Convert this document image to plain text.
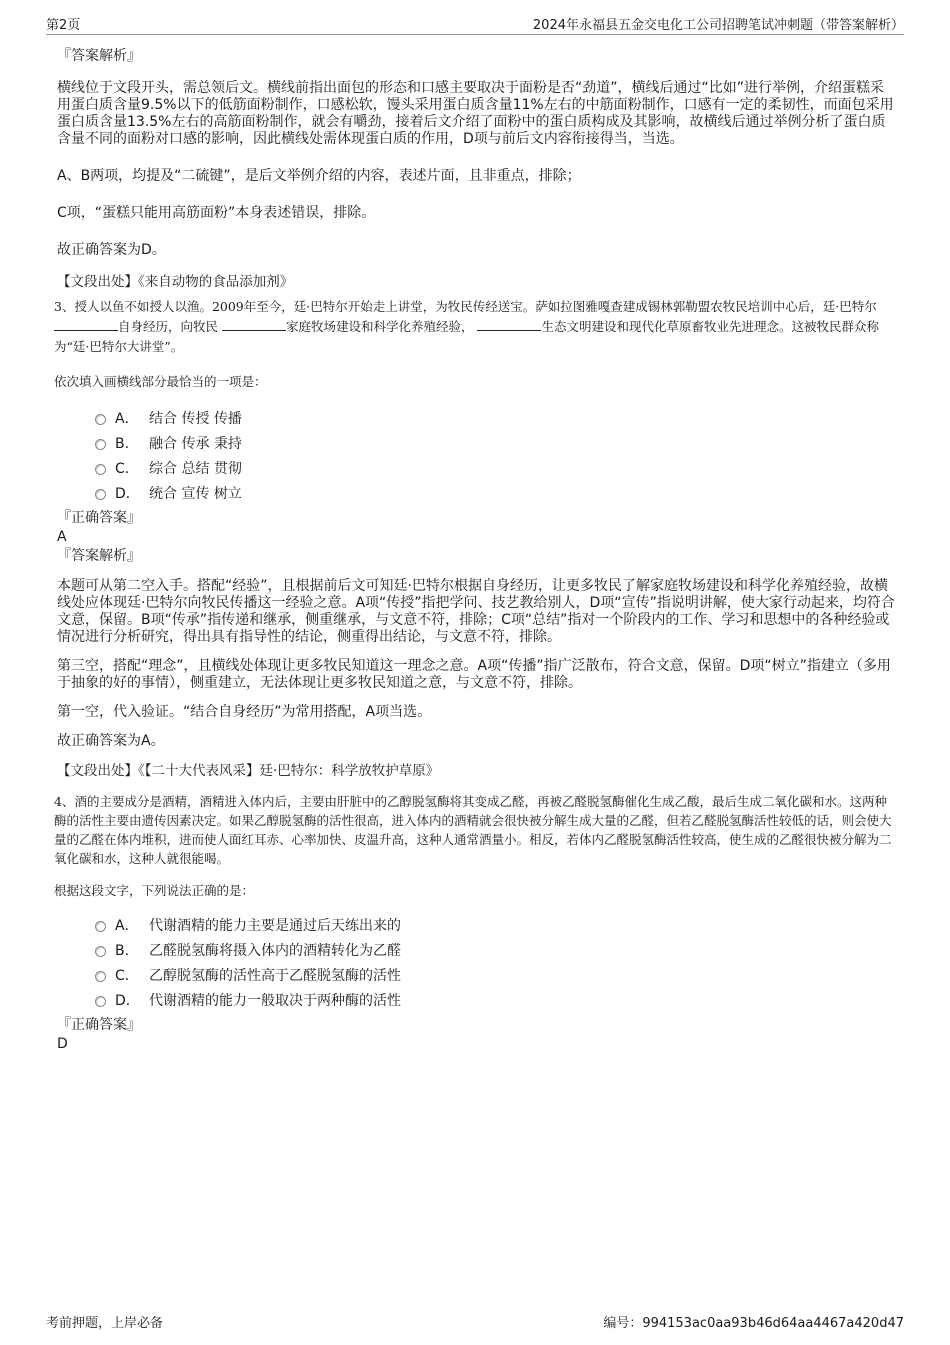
第2页	2024年永福县五金交电化工公司招聘笔试冲刺题（带答案解析）

『答案解析』

横线位于文段开头，需总领后文。横线前指出面包的形态和口感主要取决于面粉是否“劲道”，横线后通过“比如”进行举例，介绍蛋糕采用蛋白质含量9.5%以下的低筋面粉制作，口感松软，馒头采用蛋白质含量11%左右的中筋面粉制作，口感有一定的柔韧性，而面包采用蛋白质含量13.5%左右的高筋面粉制作，就会有嚼劲，接着后文介绍了面粉中的蛋白质构成及其影响，故横线后通过举例分析了蛋白质含量不同的面粉对口感的影响，因此横线处需体现蛋白质的作用，D项与前后文内容衔接得当，当选。

A、B两项，均提及“二硫键”，是后文举例介绍的内容，表述片面，且非重点，排除；

C项，“蛋糕只能用高筋面粉”本身表述错误，排除。

故正确答案为D。

【文段出处】《来自动物的食品添加剂》

3、授人以鱼不如授人以渔。2009年至今，廷·巴特尔开始走上讲堂，为牧民传经送宝。萨如拉图雅嘎查建成锡林郭勒盟农牧民培训中心后，廷·巴特尔 自身经历，向牧民	家庭牧场建设和科学化养殖经验，	生态文明建设和现代化草原畜牧业先进理念。这被牧民群众称为“廷·巴特尔大讲堂”。

依次填入画横线部分最恰当的一项是：

A． 结合 传授 传播
B.	融合 传承 秉持
C． 综合 总结 贯彻
D． 统合 宣传 树立

『正确答案』

A

『答案解析』

本题可从第二空入手。搭配“经验”，且根据前后文可知廷·巴特尔根据自身经历，让更多牧民了解家庭牧场建设和科学化养殖经验，故横线处应体现廷·巴特尔向牧民传播这一经验之意。A项“传授”指把学问、技艺教给别人，D项“宣传”指说明讲解，使大家行动起来，均符合文意，保留。B项“传承”指传递和继承，侧重继承，与文意不符，排除；C项“总结”指对一个阶段内的工作、学习和思想中的各种经验或情况进行分析研究，得出具有指导性的结论，侧重得出结论，与文意不符，排除。

第三空，搭配“理念”，且横线处体现让更多牧民知道这一理念之意。A项“传播”指广泛散布，符合文意，保留。D项“树立”指建立（多用于抽象的好的事情），侧重建立，无法体现让更多牧民知道之意，与文意不符，排除。

第一空，代入验证。“结合自身经历”为常用搭配，A项当选。

故正确答案为A。

【文段出处】《【二十大代表风采】廷·巴特尔：科学放牧护草原》

4、酒的主要成分是酒精，酒精进入体内后，主要由肝脏中的乙醇脱氢酶将其变成乙醛，再被乙醛脱氢酶催化生成乙酸，最后生成二氧化碳和水。这两种酶的活性主要由遗传因素决定。如果乙醇脱氢酶的活性很高，进入体内的酒精就会很快被分解生成大量的乙醛，但若乙醛脱氢酶活性较低的话，则会使大量的乙醛在体内堆积，进而使人面红耳赤、心率加快、皮温升高，这种人通常酒量小。相反，若体内乙醛脱氢酶活性较高，使生成的乙醛很快被分解为二氧化碳和水，这种人就很能喝。

根据这段文字，下列说法正确的是：

A． 代谢酒精的能力主要是通过后天练出来的
B.	乙醛脱氢酶将摄入体内的酒精转化为乙醛
C． 乙醇脱氢酶的活性高于乙醛脱氢酶的活性
D． 代谢酒精的能力一般取决于两种酶的活性

『正确答案』

D

考前押题，上岸必备	编号：994153ac0aa93b46d64aa4467a420d47
